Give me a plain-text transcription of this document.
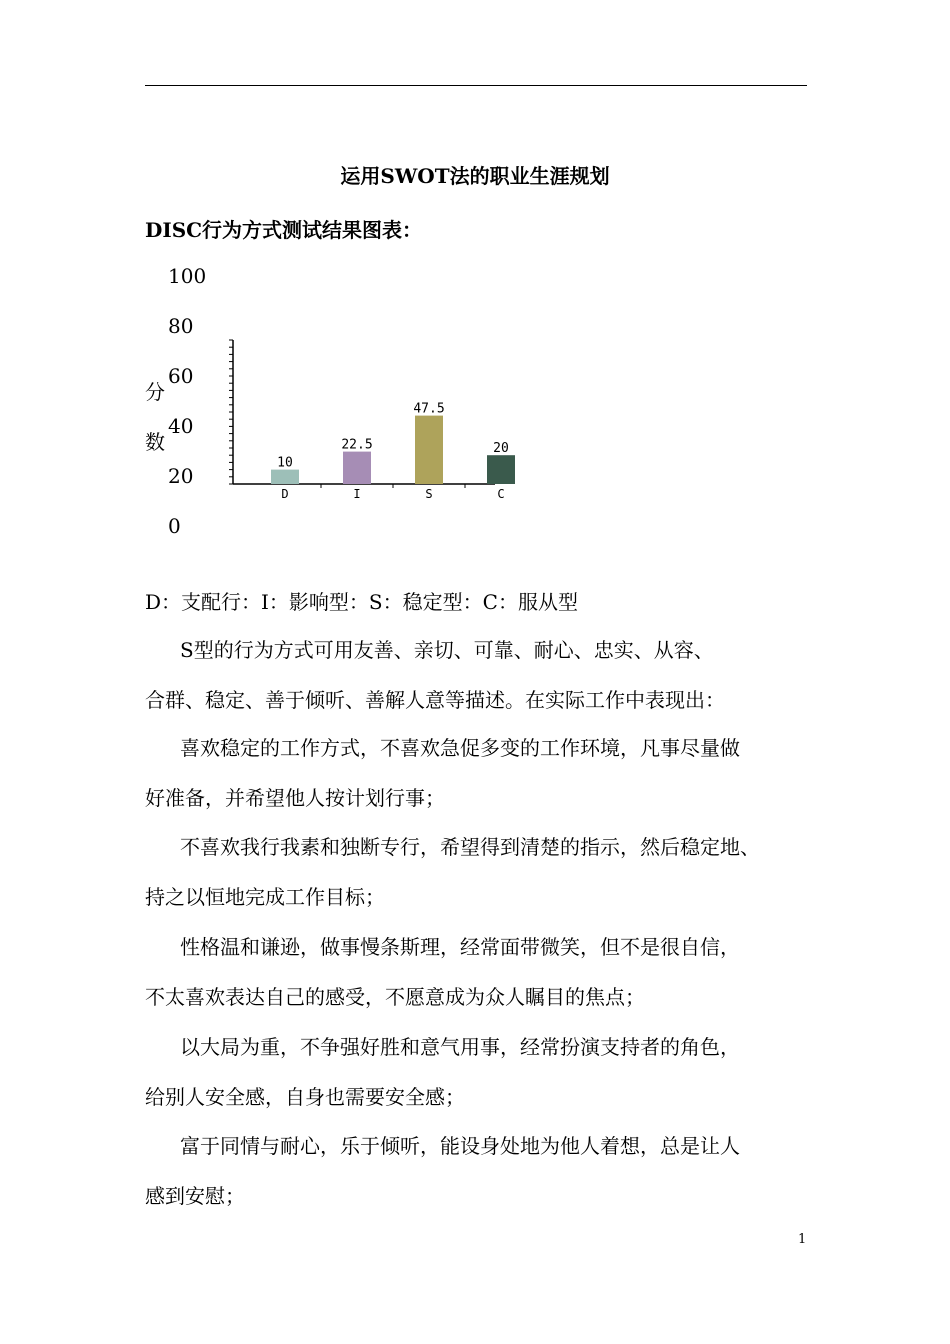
运用SWOT法的职业生涯规划
DISC行为方式测试结果图表：
100
80
60
40
20
0
分
数
10
D
22.5
I
47.5
S
20
C
D：支配行：I：影响型：S：稳定型：C：服从型
S型的行为方式可用友善、亲切、可靠、耐心、忠实、从容、
合群、稳定、善于倾听、善解人意等描述。在实际工作中表现出：
喜欢稳定的工作方式，不喜欢急促多变的工作环境，凡事尽量做
好准备，并希望他人按计划行事；
不喜欢我行我素和独断专行，希望得到清楚的指示，然后稳定地、
持之以恒地完成工作目标；
性格温和谦逊，做事慢条斯理，经常面带微笑，但不是很自信，
不太喜欢表达自己的感受，不愿意成为众人瞩目的焦点；
以大局为重，不争强好胜和意气用事，经常扮演支持者的角色，
给别人安全感，自身也需要安全感；
富于同情与耐心，乐于倾听，能设身处地为他人着想，总是让人
感到安慰；
1
